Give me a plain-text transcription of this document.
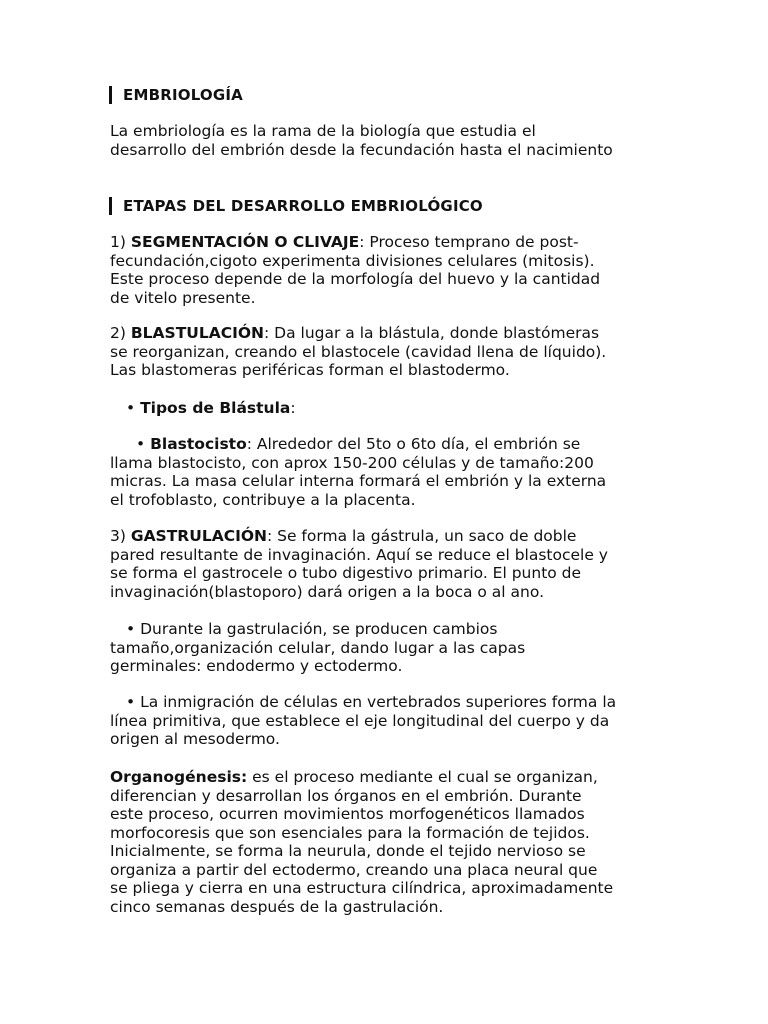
EMBRIOLOGÍA
La embriología es la rama de la biología que estudia el
desarrollo del embrión desde la fecundación hasta el nacimiento
ETAPAS DEL DESARROLLO EMBRIOLÓGICO
1) SEGMENTACIÓN O CLIVAJE: Proceso temprano de post-
fecundación,cigoto experimenta divisiones celulares (mitosis).
Este proceso depende de la morfología del huevo y la cantidad
de vitelo presente.
2) BLASTULACIÓN: Da lugar a la blástula, donde blastómeras
se reorganizan, creando el blastocele (cavidad llena de líquido).
Las blastomeras periféricas forman el blastodermo.
• Tipos de Blástula:
• Blastocisto: Alrededor del 5to o 6to día, el embrión se
llama blastocisto, con aprox 150-200 células y de tamaño:200
micras. La masa celular interna formará el embrión y la externa
el trofoblasto, contribuye a la placenta.
3) GASTRULACIÓN: Se forma la gástrula, un saco de doble
pared resultante de invaginación. Aquí se reduce el blastocele y
se forma el gastrocele o tubo digestivo primario. El punto de
invaginación(blastoporo) dará origen a la boca o al ano.
• Durante la gastrulación, se producen cambios
tamaño,organización celular, dando lugar a las capas
germinales: endodermo y ectodermo.
• La inmigración de células en vertebrados superiores forma la
línea primitiva, que establece el eje longitudinal del cuerpo y da
origen al mesodermo.
Organogénesis: es el proceso mediante el cual se organizan,
diferencian y desarrollan los órganos en el embrión. Durante
este proceso, ocurren movimientos morfogenéticos llamados
morfocoresis que son esenciales para la formación de tejidos.
Inicialmente, se forma la neurula, donde el tejido nervioso se
organiza a partir del ectodermo, creando una placa neural que
se pliega y cierra en una estructura cilíndrica, aproximadamente
cinco semanas después de la gastrulación.
